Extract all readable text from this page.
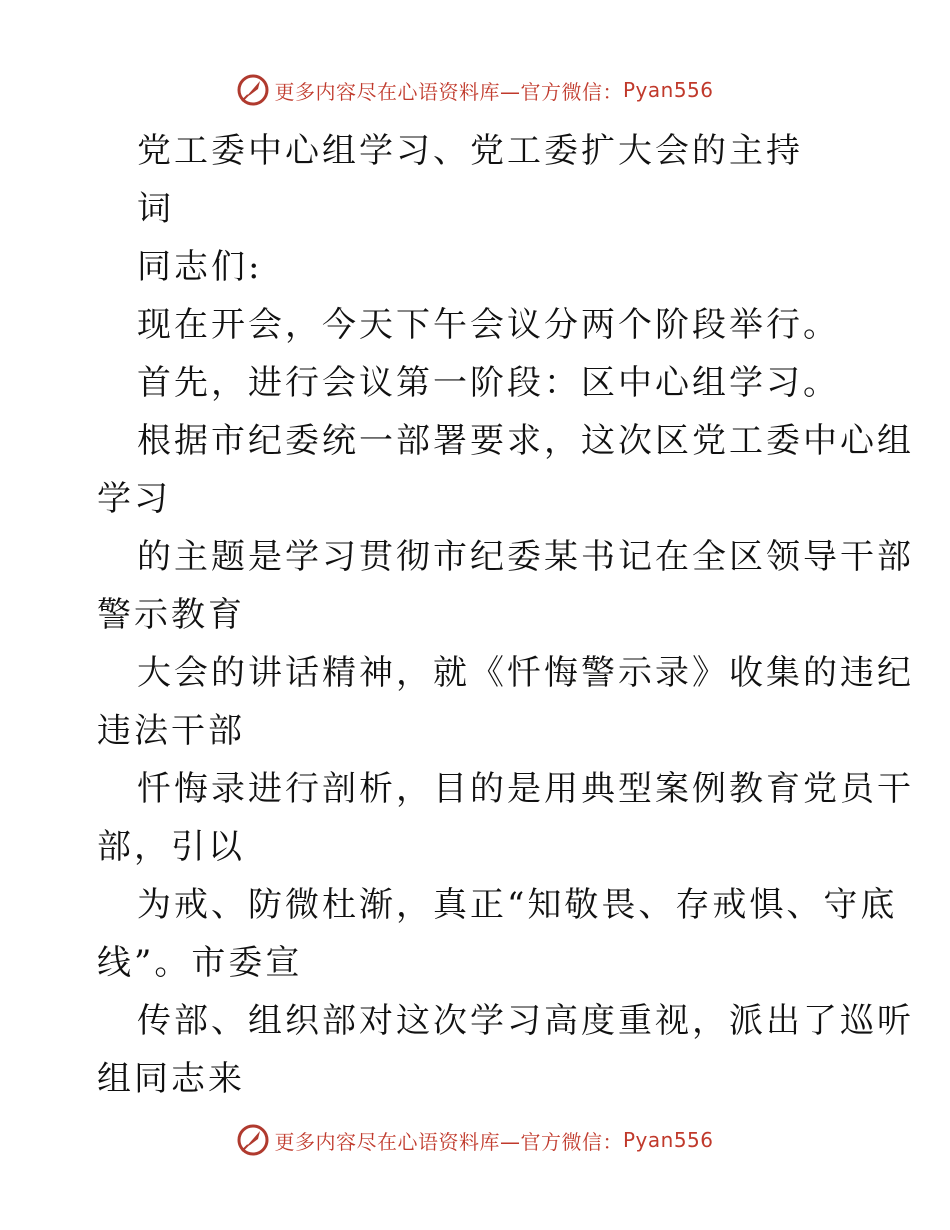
更多内容尽在心语资料库—官方微信： Pyan556
党工委中心组学习、党工委扩大会的主持
词
同志们:
现在开会，今天下午会议分两个阶段举行。
首先，进行会议第一阶段：区中心组学习。
根据市纪委统一部署要求，这次区党工委中心组
学习
的主题是学习贯彻市纪委某书记在全区领导干部
警示教育
大会的讲话精神，就《忏悔警示录》收集的违纪
违法干部
忏悔录进行剖析，目的是用典型案例教育党员干
部，引以
为戒、防微杜渐，真正“知敬畏、存戒惧、守底
线”。市委宣
传部、组织部对这次学习高度重视，派出了巡听
组同志来
更多内容尽在心语资料库—官方微信： Pyan556
